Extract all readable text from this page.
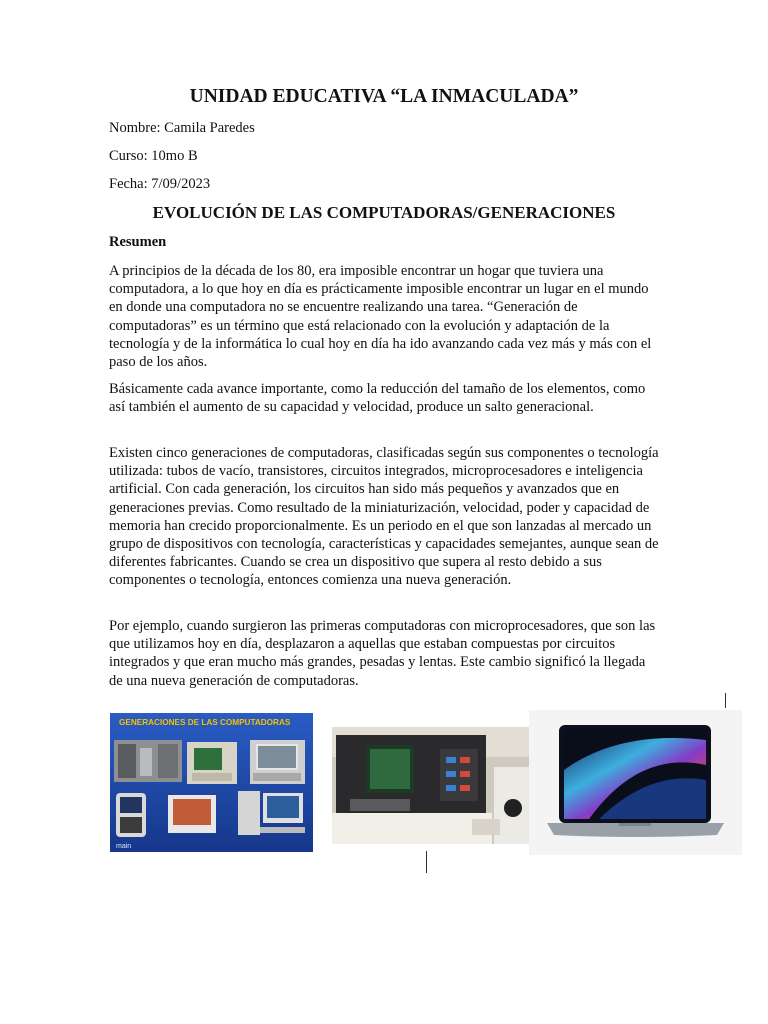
UNIDAD EDUCATIVA “LA INMACULADA”
Nombre: Camila Paredes
Curso: 10mo B
Fecha: 7/09/2023
EVOLUCIÓN DE LAS COMPUTADORAS/GENERACIONES
Resumen

A principios de la década de los 80, era imposible encontrar un hogar que tuviera una computadora, a lo que hoy en día es prácticamente imposible encontrar un lugar en el mundo en donde una computadora no se encuentre realizando una tarea. “Generación de computadoras” es un término que está relacionado con la evolución y adaptación de la tecnología y de la informática lo cual hoy en día ha ido avanzando cada vez más y más con el paso de los años.

Básicamente cada avance importante, como la reducción del tamaño de los elementos, como así también el aumento de su capacidad y velocidad, produce un salto generacional.

Existen cinco generaciones de computadoras, clasificadas según sus componentes o tecnología utilizada: tubos de vacío, transistores, circuitos integrados, microprocesadores e inteligencia artificial. Con cada generación, los circuitos han sido más pequeños y avanzados que en generaciones previas. Como resultado de la miniaturización, velocidad, poder y capacidad de memoria han crecido proporcionalmente. Es un periodo en el que son lanzadas al mercado un grupo de dispositivos con tecnología, características y capacidades semejantes, aunque sean de diferentes fabricantes. Cuando se crea un dispositivo que supera al resto debido a sus componentes o tecnología, entonces comienza una nueva generación.

Por ejemplo, cuando surgieron las primeras computadoras con microprocesadores, que son las que utilizamos hoy en día, desplazaron a aquellas que estaban compuestas por circuitos integrados y que eran mucho más grandes, pesadas y lentas. Este cambio significó la llegada de una nueva generación de computadoras.

GENERACIONES DE LAS COMPUTADORAS
main
